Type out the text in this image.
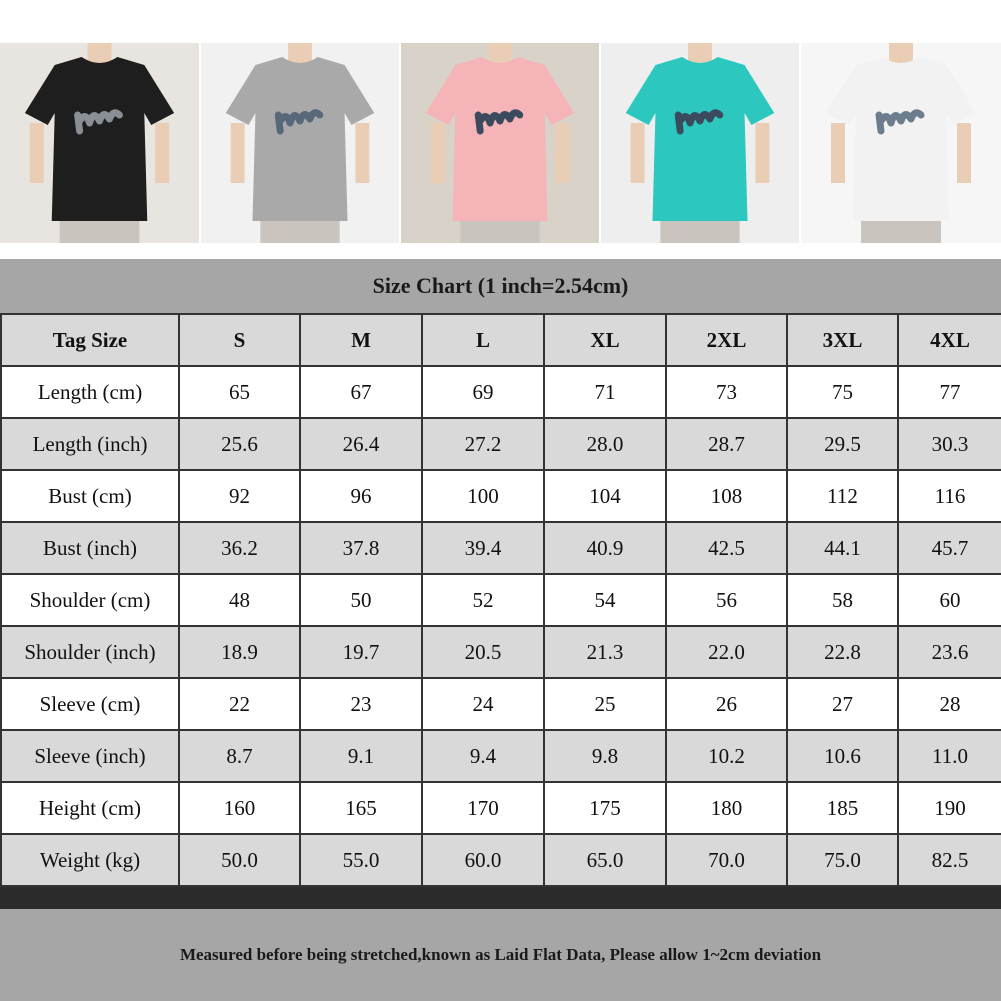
Size Chart (1 inch=2.54cm)
Tag Size	S	M	L	XL	2XL	3XL	4XL
Length (cm)	65	67	69	71	73	75	77
Length (inch)	25.6	26.4	27.2	28.0	28.7	29.5	30.3
Bust (cm)	92	96	100	104	108	112	116
Bust (inch)	36.2	37.8	39.4	40.9	42.5	44.1	45.7
Shoulder (cm)	48	50	52	54	56	58	60
Shoulder (inch)	18.9	19.7	20.5	21.3	22.0	22.8	23.6
Sleeve (cm)	22	23	24	25	26	27	28
Sleeve (inch)	8.7	9.1	9.4	9.8	10.2	10.6	11.0
Height (cm)	160	165	170	175	180	185	190
Weight (kg)	50.0	55.0	60.0	65.0	70.0	75.0	82.5
Measured before being stretched,known as Laid Flat Data, Please allow 1~2cm deviation
